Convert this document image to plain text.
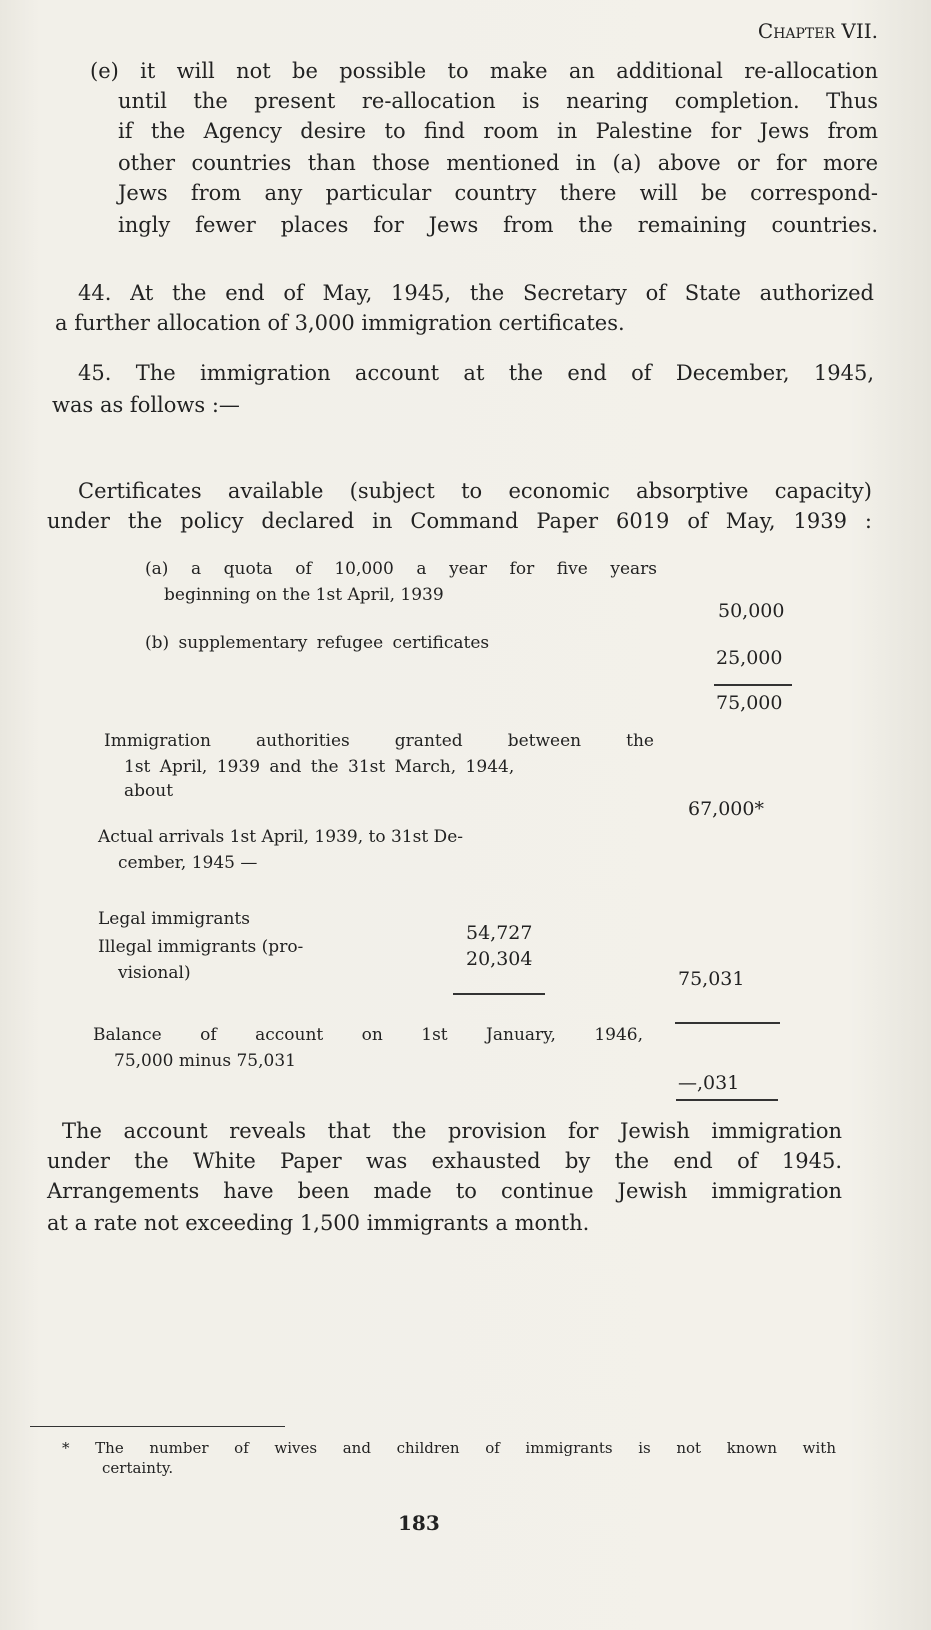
Chapter VII.
(e) it will not be possible to make an additional re-allocation
until the present re-allocation is nearing completion. Thus
if the Agency desire to find room in Palestine for Jews from
other countries than those mentioned in (a) above or for more
Jews from any particular country there will be correspond-
ingly fewer places for Jews from the remaining countries.
44. At the end of May, 1945, the Secretary of State authorized
a further allocation of 3,000 immigration certificates.
45. The immigration account at the end of December, 1945,
was as follows :—
Certificates available (subject to economic absorptive capacity)
under the policy declared in Command Paper 6019 of May, 1939 :
(a) a quota of 10,000 a year for five years
beginning on the 1st April, 1939
50,000
(b) supplementary refugee certificates
25,000
75,000
Immigration authorities granted between the
1st April, 1939 and the 31st March, 1944,
about
67,000*
Actual arrivals 1st April, 1939, to 31st De-
cember, 1945 —
Legal immigrants
54,727
Illegal immigrants (pro-
20,304
visional)	75,031
Balance of account on 1st January, 1946,
75,000 minus 75,031
—,031
The account reveals that the provision for Jewish immigration
under the White Paper was exhausted by the end of 1945.
Arrangements have been made to continue Jewish immigration
at a rate not exceeding 1,500 immigrants a month.
* The number of wives and children of immigrants is not known with
certainty.
183
